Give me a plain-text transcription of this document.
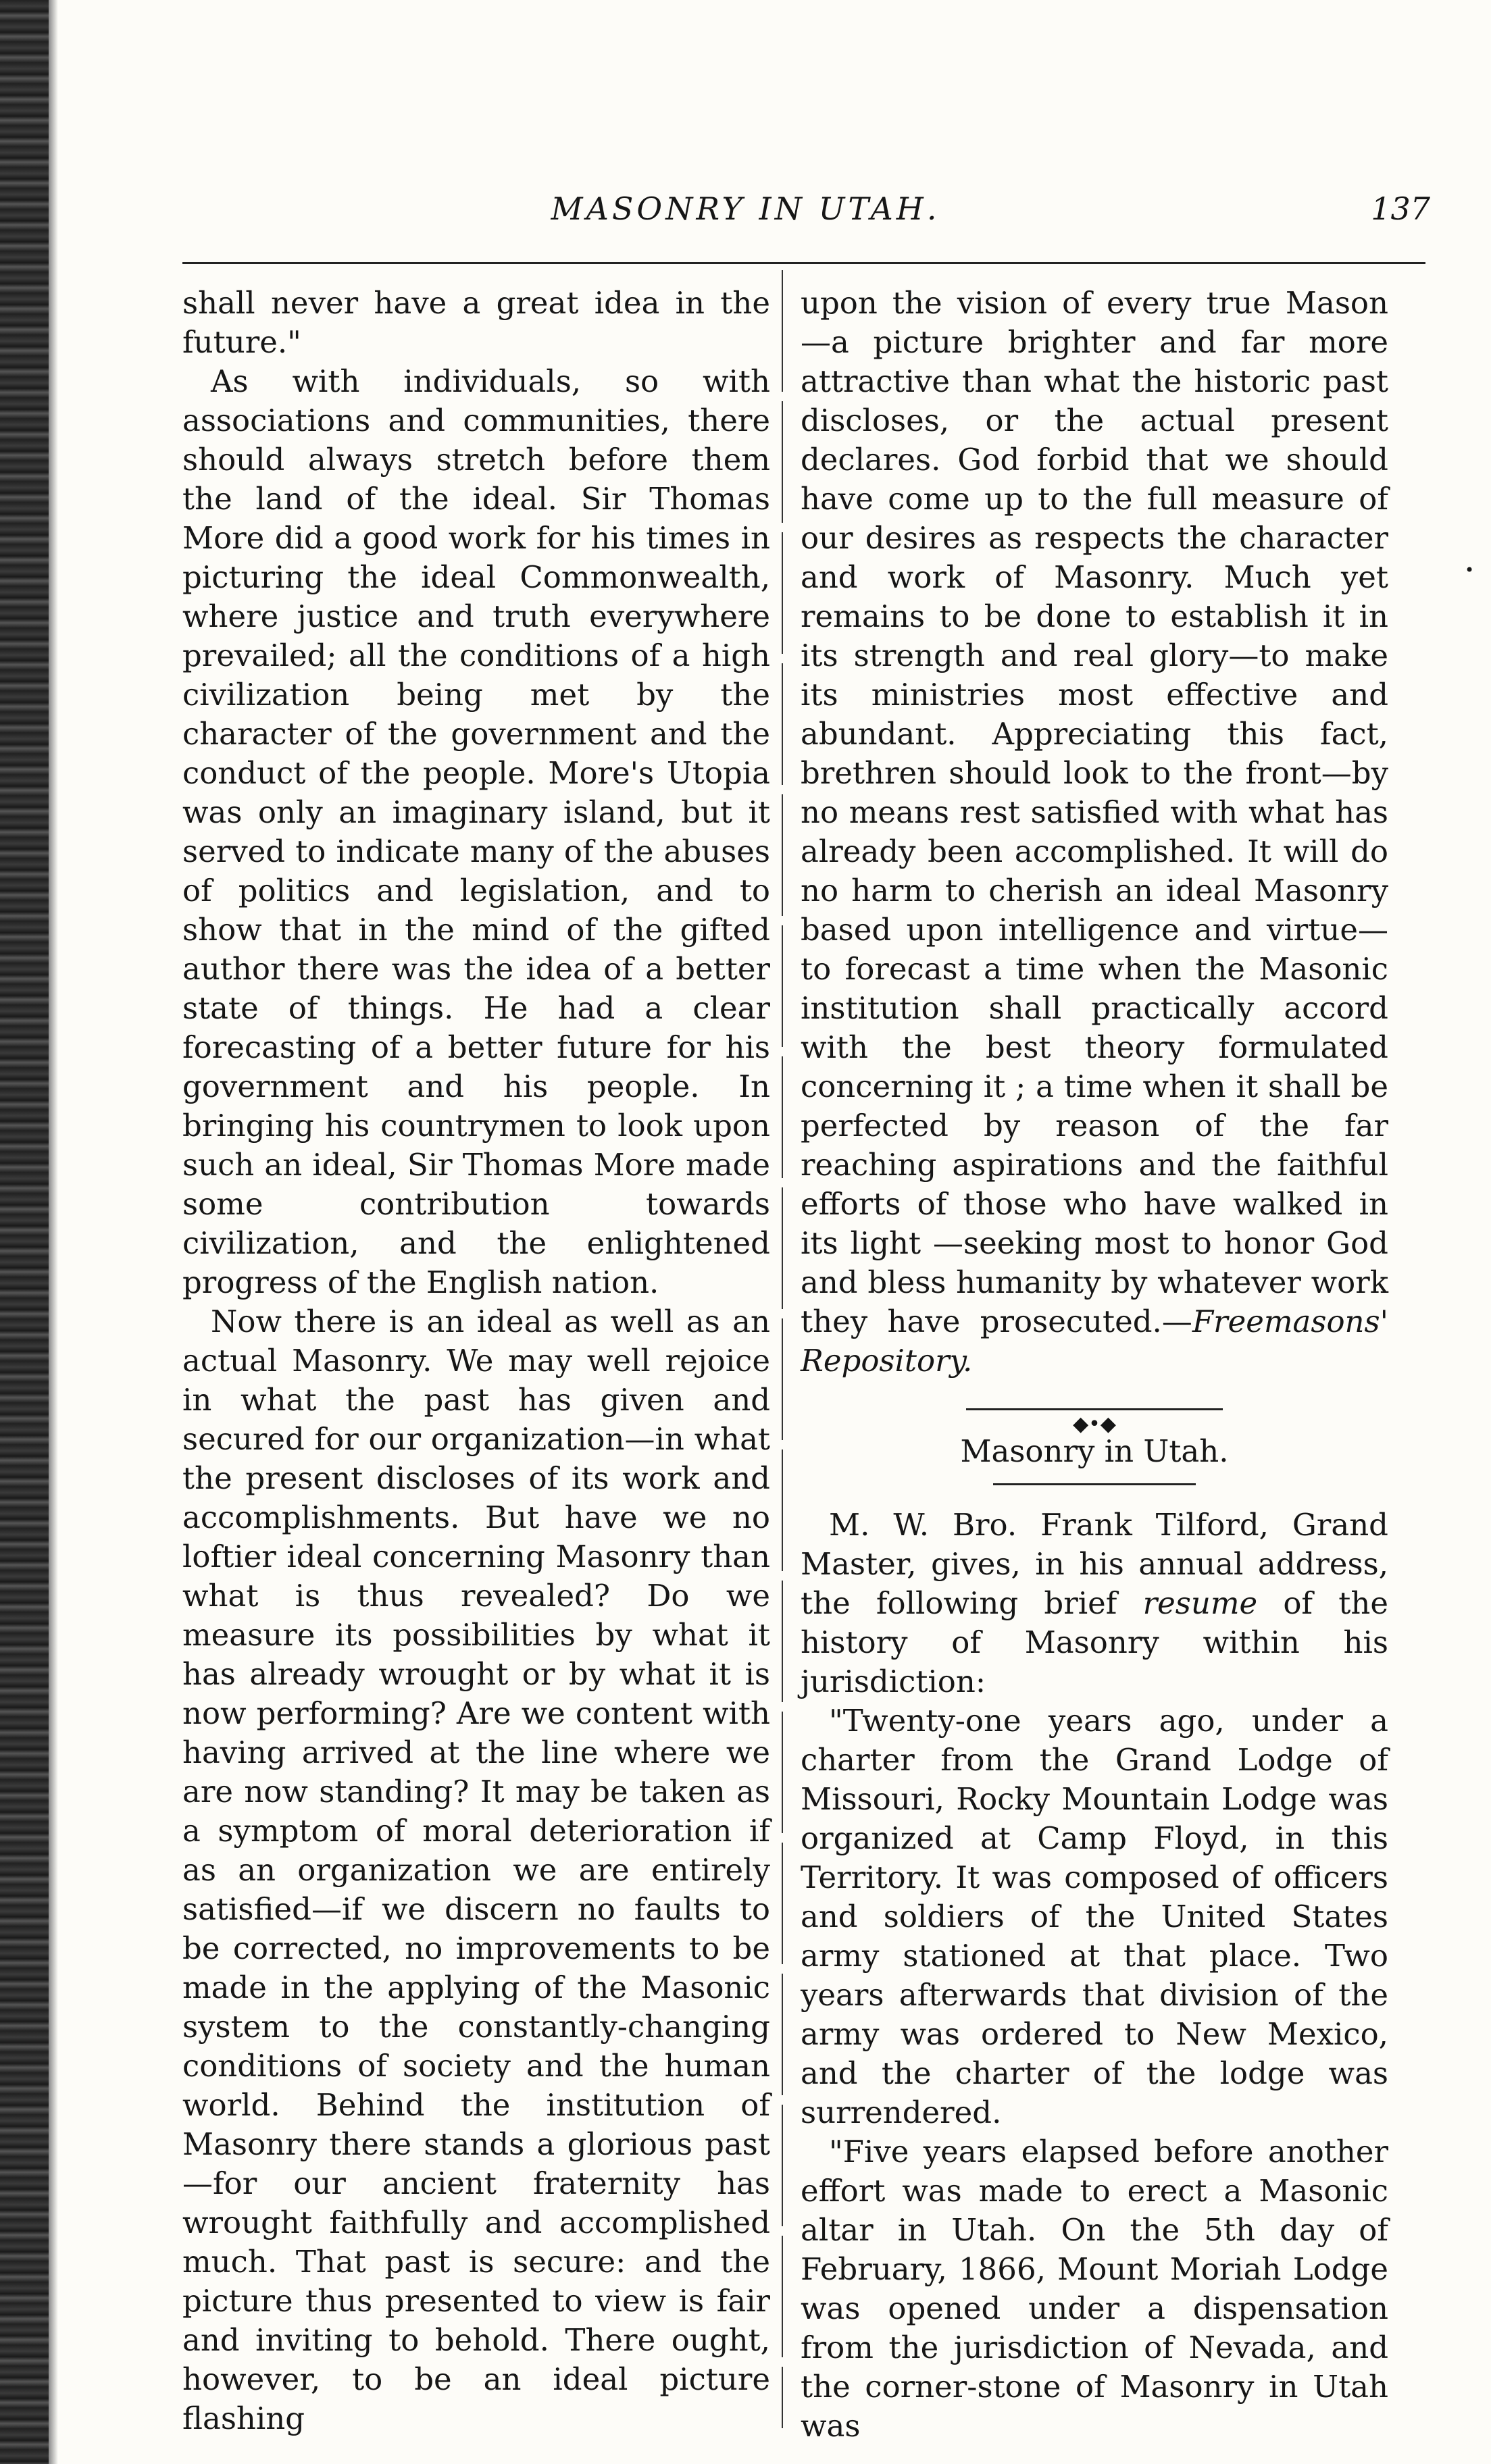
MASONRY IN UTAH.	137

shall never have a great idea in the future."

As with individuals, so with associations and communities, there should always stretch before them the land of the ideal. Sir Thomas More did a good work for his times in picturing the ideal Commonwealth, where justice and truth everywhere prevailed; all the conditions of a high civilization being met by the character of the government and the conduct of the people. More's Utopia was only an imaginary island, but it served to indicate many of the abuses of politics and legislation, and to show that in the mind of the gifted author there was the idea of a better state of things. He had a clear forecasting of a better future for his government and his people. In bringing his countrymen to look upon such an ideal, Sir Thomas More made some contribution towards civilization, and the enlightened progress of the English nation.

Now there is an ideal as well as an actual Masonry. We may well rejoice in what the past has given and secured for our organization—in what the present discloses of its work and accomplishments. But have we no loftier ideal concerning Masonry than what is thus revealed? Do we measure its possibilities by what it has already wrought or by what it is now performing? Are we content with having arrived at the line where we are now standing? It may be taken as a symptom of moral deterioration if as an organization we are entirely satisfied—if we discern no faults to be corrected, no improvements to be made in the applying of the Masonic system to the constantly-changing conditions of society and the human world. Behind the institution of Masonry there stands a glorious past—for our ancient fraternity has wrought faithfully and accomplished much. That past is secure: and the picture thus presented to view is fair and inviting to behold. There ought, however, to be an ideal picture flashing

upon the vision of every true Mason —a picture brighter and far more attractive than what the historic past discloses, or the actual present declares. God forbid that we should have come up to the full measure of our desires as respects the character and work of Masonry. Much yet remains to be done to establish it in its strength and real glory—to make its ministries most effective and abundant. Appreciating this fact, brethren should look to the front—by no means rest satisfied with what has already been accomplished. It will do no harm to cherish an ideal Masonry based upon intelligence and virtue—to forecast a time when the Masonic institution shall practically accord with the best theory formulated concerning it ; a time when it shall be perfected by reason of the far reaching aspirations and the faithful efforts of those who have walked in its light —seeking most to honor God and bless humanity by whatever work they have prosecuted.—Freemasons' Repository.

◆•◆
Masonry in Utah.

M. W. Bro. Frank Tilford, Grand Master, gives, in his annual address, the following brief resume of the history of Masonry within his jurisdiction:

"Twenty-one years ago, under a charter from the Grand Lodge of Missouri, Rocky Mountain Lodge was organized at Camp Floyd, in this Territory. It was composed of officers and soldiers of the United States army stationed at that place. Two years afterwards that division of the army was ordered to New Mexico, and the charter of the lodge was surrendered.

"Five years elapsed before another effort was made to erect a Masonic altar in Utah. On the 5th day of February, 1866, Mount Moriah Lodge was opened under a dispensation from the jurisdiction of Nevada, and the corner-stone of Masonry in Utah was

•
